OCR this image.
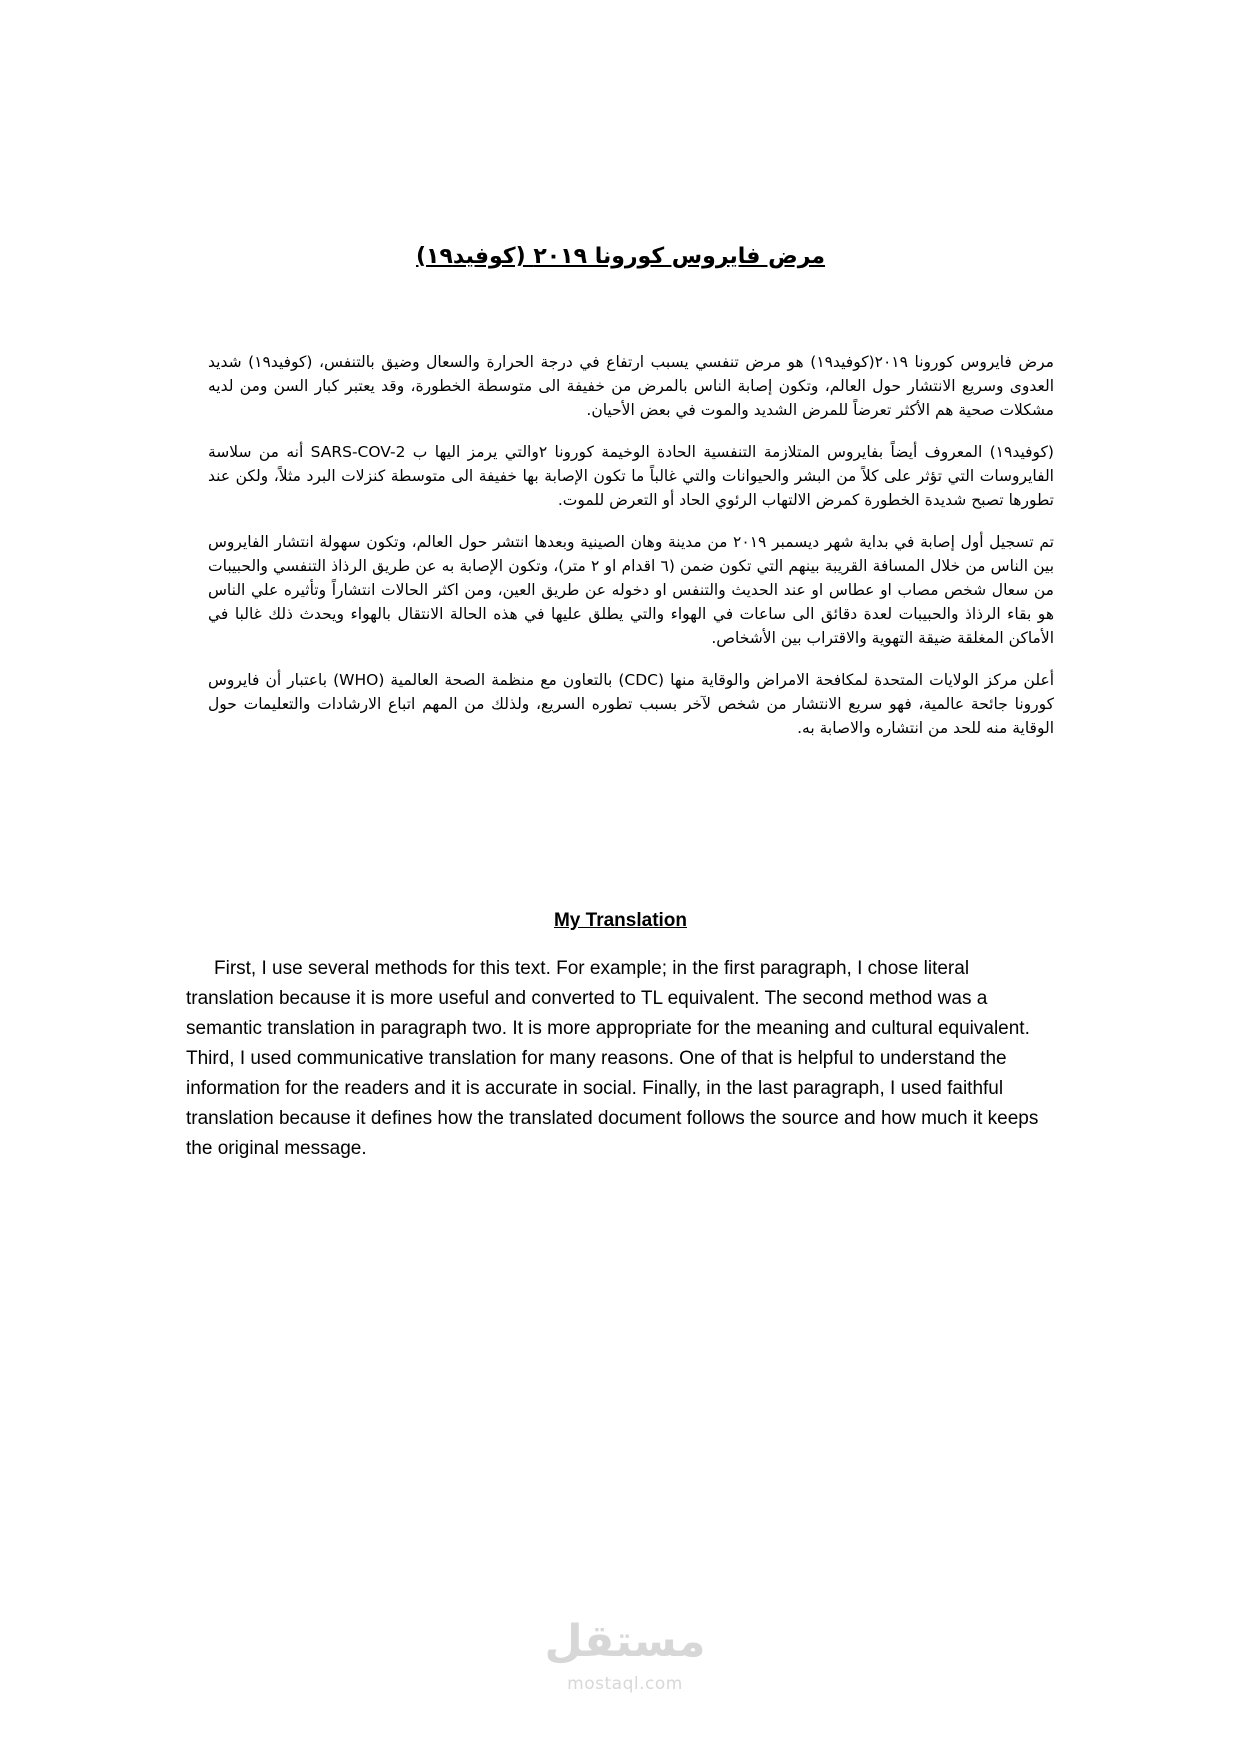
مرض فايروس كورونا ٢٠١٩ (كوفيد١٩)

مرض فايروس كورونا ٢٠١٩(كوفيد١٩) هو مرض تنفسي يسبب ارتفاع في درجة الحرارة والسعال وضيق بالتنفس، (كوفيد١٩) شديد العدوى وسريع الانتشار حول العالم، وتكون إصابة الناس بالمرض من خفيفة الى متوسطة الخطورة، وقد يعتبر كبار السن ومن لديه مشكلات صحية هم الأكثر تعرضاً للمرض الشديد والموت في بعض الأحيان.

(كوفيد١٩) المعروف أيضاً بفايروس المتلازمة التنفسية الحادة الوخيمة كورونا ٢والتي يرمز اليها ب SARS-COV-2 أنه من سلاسة الفايروسات التي تؤثر على كلاً من البشر والحيوانات والتي غالباً ما تكون الإصابة بها خفيفة الى متوسطة كنزلات البرد مثلاً، ولكن عند تطورها تصبح شديدة الخطورة كمرض الالتهاب الرئوي الحاد أو التعرض للموت.

تم تسجيل أول إصابة في بداية شهر ديسمبر ٢٠١٩ من مدينة وهان الصينية وبعدها انتشر حول العالم، وتكون سهولة انتشار الفايروس بين الناس من خلال المسافة القريبة بينهم التي تكون ضمن (٦ اقدام او ٢ متر)، وتكون الإصابة به عن طريق الرذاذ التنفسي والحبيبات من سعال شخص مصاب او عطاس او عند الحديث والتنفس او دخوله عن طريق العين، ومن اكثر الحالات انتشاراً وتأثيره علي الناس هو بقاء الرذاذ والحبيبات لعدة دقائق الى ساعات في الهواء والتي يطلق عليها في هذه الحالة الانتقال بالهواء ويحدث ذلك غالبا في الأماكن المغلقة ضيقة التهوية والاقتراب بين الأشخاص.

أعلن مركز الولايات المتحدة لمكافحة الامراض والوقاية منها (CDC) بالتعاون مع منظمة الصحة العالمية (WHO) باعتبار أن فايروس كورونا جائحة عالمية، فهو سريع الانتشار من شخص لآخر بسبب تطوره السريع، ولذلك من المهم اتباع الارشادات والتعليمات حول الوقاية منه للحد من انتشاره والاصابة به.

My Translation

First, I use several methods for this text. For example; in the first paragraph, I chose literal translation because it is more useful and converted to TL equivalent. The second method was a semantic translation in paragraph two. It is more appropriate for the meaning and cultural equivalent. Third, I used communicative translation for many reasons. One of that is helpful to understand the information for the readers and it is accurate in social. Finally, in the last paragraph, I used faithful translation because it defines how the translated document follows the source and how much it keeps the original message.

مستقل
mostaql.com
